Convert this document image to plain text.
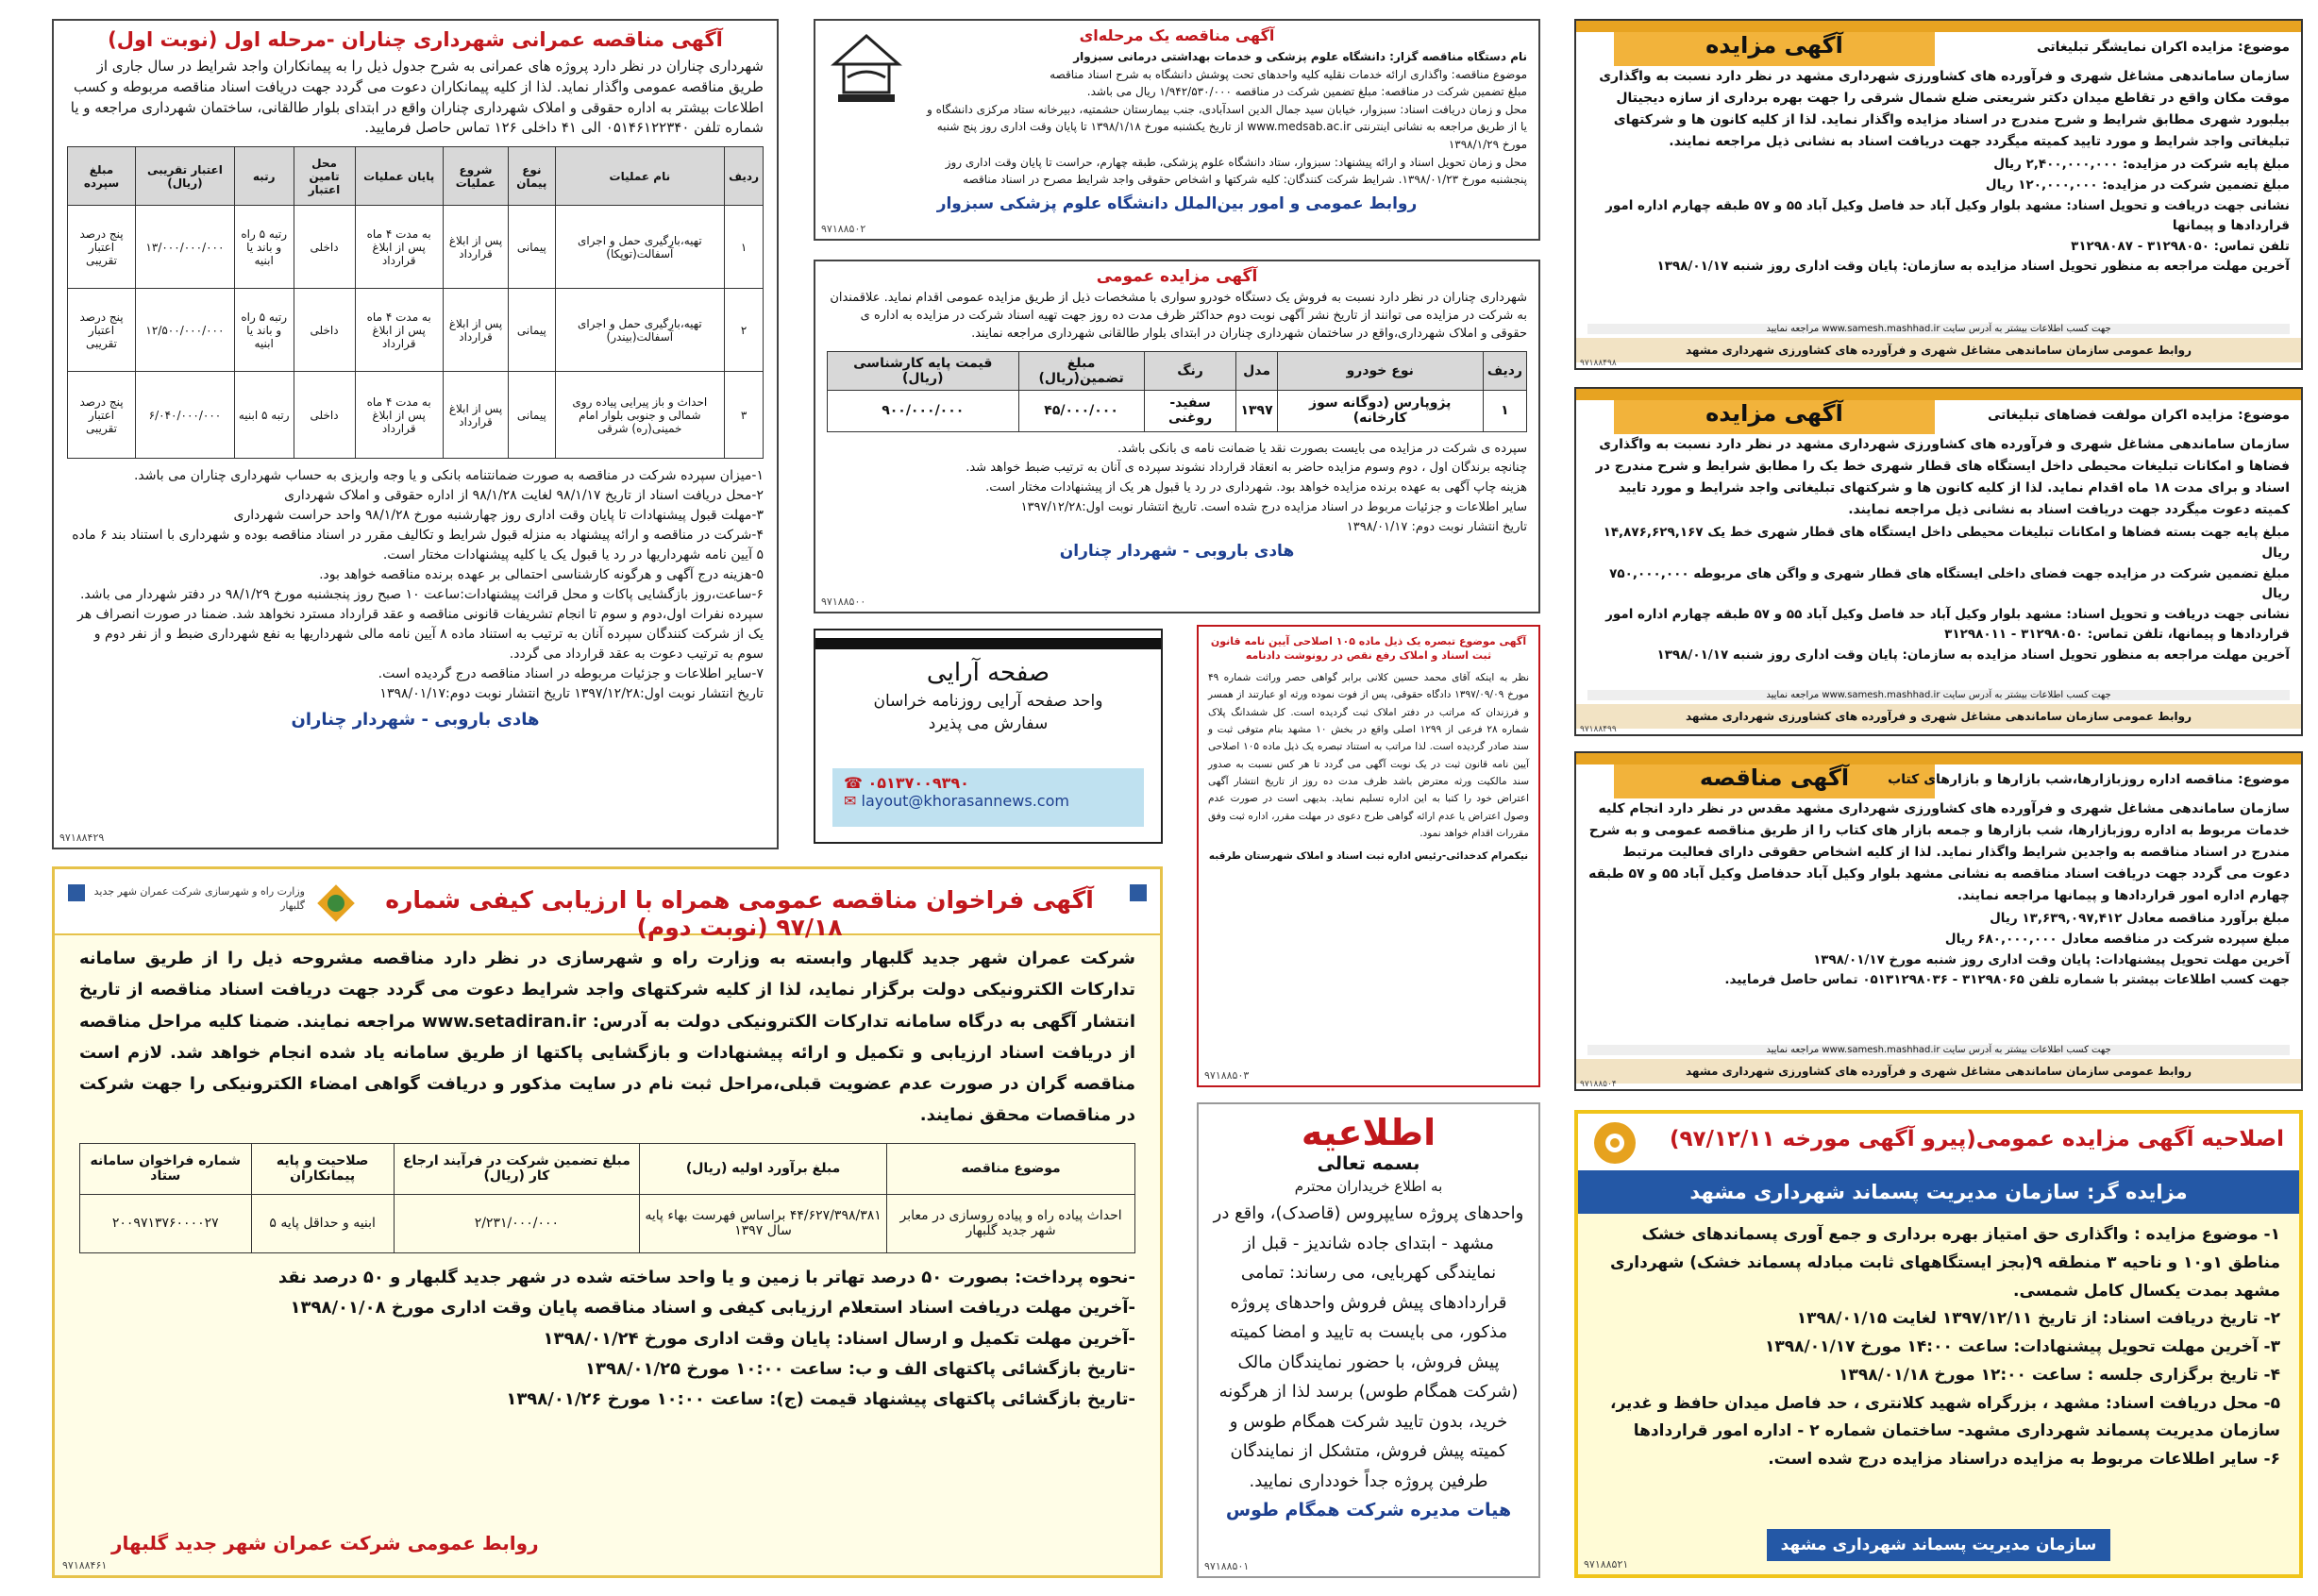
آگهی مناقصه عمرانی شهرداری چناران -مرحله اول (نوبت اول)

شهرداری چناران در نظر دارد پروژه های عمرانی به شرح جدول ذیل را به پیمانکاران واجد شرایط در سال جاری از طریق مناقصه عمومی واگذار نماید. لذا از کلیه پیمانکاران دعوت می گردد جهت دریافت اسناد مناقصه مربوطه و کسب اطلاعات بیشتر به اداره حقوقی و املاک شهرداری چناران واقع در ابتدای بلوار طالقانی، ساختمان شهرداری مراجعه و یا شماره تلفن ۰۵۱۴۶۱۲۲۳۴۰ الی ۴۱ داخلی ۱۲۶ تماس حاصل فرمایید.

ردیف	نام عملیات	نوع پیمان	شروع عملیات	پایان عملیات	محل تامین اعتبار	رتبه	اعتبار تقریبی (ریال)	مبلغ سپرده
۱	تهیه،بارگیری حمل و اجرای آسفالت(توپکا)	پیمانی	پس از ابلاغ قرارداد	به مدت ۴ ماه پس از ابلاغ قرارداد	داخلی	رتبه ۵ راه و باند یا ابنیه	۱۳/۰۰۰/۰۰۰/۰۰۰	پنج درصد اعتبار تقریبی
۲	تهیه،بارگیری حمل و اجرای آسفالت(بیندر)	پیمانی	پس از ابلاغ قرارداد	به مدت ۴ ماه پس از ابلاغ قرارداد	داخلی	رتبه ۵ راه و باند یا ابنیه	۱۲/۵۰۰/۰۰۰/۰۰۰	پنج درصد اعتبار تقریبی
۳	احداث و باز پیرایی پیاده روی شمالی و جنوبی بلوار امام خمینی(ره) شرقی	پیمانی	پس از ابلاغ قرارداد	به مدت ۴ ماه پس از ابلاغ قرارداد	داخلی	رتبه ۵ ابنیه	۶/۰۴۰/۰۰۰/۰۰۰	پنج درصد اعتبار تقریبی
۱-میزان سپرده شرکت در مناقصه به صورت ضمانتنامه بانکی و یا وجه واریزی به حساب شهرداری چناران می باشد.
۲-محل دریافت اسناد از تاریخ ۹۸/۱/۱۷ لغایت ۹۸/۱/۲۸ از اداره حقوقی و املاک شهرداری
۳-مهلت قبول پیشنهادات تا پایان وقت اداری روز چهارشنبه مورخ ۹۸/۱/۲۸ واحد حراست شهرداری
۴-شرکت در مناقصه و ارائه پیشنهاد به منزله قبول شرایط و تکالیف مقرر در اسناد مناقصه بوده و شهرداری با استناد بند ۶ ماده ۵ آیین نامه شهرداریها در رد یا قبول یک یا کلیه پیشنهادات مختار است.
۵-هزینه درج آگهی و هرگونه کارشناسی احتمالی بر عهده برنده مناقصه خواهد بود.
۶-ساعت،روز بازگشایی پاکات و محل قرائت پیشنهادات:ساعت ۱۰ صبح روز پنجشنبه مورخ ۹۸/۱/۲۹ در دفتر شهردار می باشد. سپرده نفرات اول،دوم و سوم تا انجام تشریفات قانونی مناقصه و عقد قرارداد مسترد نخواهد شد. ضمنا در صورت انصراف هر یک از شرکت کنندگان سپرده آنان به ترتیب به استناد ماده ۸ آیین نامه مالی شهرداریها به نفع شهرداری ضبط و از نفر دوم و سوم به ترتیب دعوت به عقد قرارداد می گردد.
۷-سایر اطلاعات و جزئیات مربوطه در اسناد مناقصه درج گردیده است.
تاریخ انتشار نوبت اول:۱۳۹۷/۱۲/۲۸ تاریخ انتشار نوبت دوم:۱۳۹۸/۰۱/۱۷
هادی باروبی - شهردار چناران
۹۷۱۸۸۴۲۹
آگهی مناقصه یک مرحله‌ای
نام دستگاه مناقصه گزار: دانشگاه علوم پزشکی و خدمات بهداشتی درمانی سبزوار
موضوع مناقصه: واگذاری ارائه خدمات نقلیه کلیه واحدهای تحت پوشش دانشگاه به شرح اسناد مناقصه
مبلغ تضمین شرکت در مناقصه: مبلغ تضمین شرکت در مناقصه ۱/۹۴۲/۵۳۰/۰۰۰ ریال می باشد.
محل و زمان دریافت اسناد: سبزوار، خیابان سید جمال الدین اسدآبادی، جنب بیمارستان حشمتیه، دبیرخانه ستاد مرکزی دانشگاه و یا از طریق مراجعه به نشانی اینترنتی www.medsab.ac.ir از تاریخ یکشنبه مورخ ۱۳۹۸/۱/۱۸ تا پایان وقت اداری روز پنج شنبه مورخ ۱۳۹۸/۱/۲۹
محل و زمان تحویل اسناد و ارائه پیشنهاد: سبزوار، ستاد دانشگاه علوم پزشکی، طبقه چهارم، حراست تا پایان وقت اداری روز پنجشنبه مورخ ۱۳۹۸/۰۱/۲۳. شرایط شرکت کنندگان: کلیه شرکتها و اشخاص حقوقی واجد شرایط مصرح در اسناد مناقصه
روابط عمومی و امور بین‌الملل دانشگاه علوم پزشکی سبزوار
۹۷۱۸۸۵۰۲
آگهی مزایده عمومی

شهرداری چناران در نظر دارد نسبت به فروش یک دستگاه خودرو سواری با مشخصات ذیل از طریق مزایده عمومی اقدام نماید. علاقمندان به شرکت در مزایده می توانند از تاریخ نشر آگهی نوبت دوم حداکثر ظرف مدت ده روز جهت تهیه اسناد شرکت در مزایده به اداره ی حقوقی و املاک شهرداری،واقع در ساختمان شهرداری چناران در ابتدای بلوار طالقانی شهرداری مراجعه نمایند.

ردیف	نوع خودرو	مدل	رنگ	مبلغ تضمین(ریال)	قیمت پایه کارشناسی (ریال)
۱	پژوپارس (دوگانه سوز کارخانه)	۱۳۹۷	سفید-روغنی	۴۵/۰۰۰/۰۰۰	۹۰۰/۰۰۰/۰۰۰
سپرده ی شرکت در مزایده می بایست بصورت نقد یا ضمانت نامه ی بانکی باشد.
چنانچه برندگان اول ، دوم وسوم مزایده حاضر به انعقاد قرارداد نشوند سپرده ی آنان به ترتیب ضبط خواهد شد.
هزینه چاپ آگهی به عهده برنده مزایده خواهد بود. شهرداری در رد یا قبول هر یک از پیشنهادات مختار است.
سایر اطلاعات و جزئیات مربوط در اسناد مزایده درج شده است. تاریخ انتشار نوبت اول:۱۳۹۷/۱۲/۲۸
تاریخ انتشار نوبت دوم: ۱۳۹۸/۰۱/۱۷
هادی باروبی - شهردار چناران
۹۷۱۸۸۵۰۰
صفحه آرایی
واحد صفحه آرایی روزنامه خراسان سفارش می پذیرد
☎ ۰۵۱۳۷۰۰۹۳۹۰
✉ layout@khorasannews.com
آگهی موضوع تبصره یک ذیل ماده ۱۰۵ اصلاحی آیین نامه قانون ثبت اسناد و املاک رفع نقص در رونوشت دادنامه

نظر به اینکه آقای محمد حسین کلانی برابر گواهی حصر وراثت شماره ۴۹ مورخ ۱۳۹۷/۰۹/۰۹ دادگاه حقوقی، پس از فوت نموده ورثه او عبارتند از همسر و فرزندان که مراتب در دفتر املاک ثبت گردیده است. کل ششدانگ پلاک شماره ۲۸ فرعی از ۱۲۹۹ اصلی واقع در بخش ۱۰ مشهد بنام متوفی ثبت و سند صادر گردیده است. لذا مراتب به استناد تبصره یک ذیل ماده ۱۰۵ اصلاحی آیین نامه قانون ثبت در یک نوبت آگهی می گردد تا هر کس نسبت به صدور سند مالکیت ورثه معترض باشد ظرف مدت ده روز از تاریخ انتشار آگهی اعتراض خود را کتبا به این اداره تسلیم نماید. بدیهی است در صورت عدم وصول اعتراض یا عدم ارائه گواهی طرح دعوی در مهلت مقرر، اداره ثبت وفق مقررات اقدام خواهد نمود.

نیکمرام کدخدائی-رئیس اداره ثبت اسناد و املاک شهرستان طرقبه
۹۷۱۸۸۵۰۳
آگهی فراخوان مناقصه عمومی همراه با ارزیابی کیفی شماره ۹۷/۱۸ (نوبت دوم)
وزارت راه و شهرسازی شرکت عمران شهر جدید گلبهار

شرکت عمران شهر جدید گلبهار وابسته به وزارت راه و شهرسازی در نظر دارد مناقصه مشروحه ذیل را از طریق سامانه تدارکات الکترونیکی دولت برگزار نماید، لذا از کلیه شرکتهای واجد شرایط دعوت می گردد جهت دریافت اسناد مناقصه از تاریخ انتشار آگهی به درگاه سامانه تدارکات الکترونیکی دولت به آدرس: www.setadiran.ir مراجعه نمایند. ضمنا کلیه مراحل مناقصه از دریافت اسناد ارزیابی و تکمیل و ارائه پیشنهادات و بازگشایی پاکتها از طریق سامانه یاد شده انجام خواهد شد. لازم است مناقصه گران در صورت عدم عضویت قبلی،مراحل ثبت نام در سایت مذکور و دریافت گواهی امضاء الکترونیکی را جهت شرکت در مناقصات محقق نمایند.

موضوع مناقصه	مبلغ برآورد اولیه (ریال)	مبلغ تضمین شرکت در فرآیند ارجاع کار (ریال)	صلاحیت و پایه پیمانکاران	شماره فراخوان سامانه ستاد
احداث پیاده راه و پیاده روسازی در معابر شهر جدید گلبهار	۴۴/۶۲۷/۳۹۸/۳۸۱ براساس فهرست بهاء پایه سال ۱۳۹۷	۲/۲۳۱/۰۰۰/۰۰۰	ابنیه و حداقل پایه ۵	۲۰۰۹۷۱۳۷۶۰۰۰۰۲۷
-نحوه پرداخت: بصورت ۵۰ درصد تهاتر با زمین و یا واحد ساخته شده در شهر جدید گلبهار و ۵۰ درصد نقد
-آخرین مهلت دریافت اسناد استعلام ارزیابی کیفی و اسناد مناقصه پایان وقت اداری مورخ ۱۳۹۸/۰۱/۰۸
-آخرین مهلت تکمیل و ارسال اسناد: پایان وقت اداری مورخ ۱۳۹۸/۰۱/۲۴
-تاریخ بازگشائی پاکتهای الف و ب: ساعت ۱۰:۰۰ مورخ ۱۳۹۸/۰۱/۲۵
-تاریخ بازگشائی پاکتهای پیشنهاد قیمت (ج): ساعت ۱۰:۰۰ مورخ ۱۳۹۸/۰۱/۲۶
روابط عمومی شرکت عمران شهر جدید گلبهار
۹۷۱۸۸۴۶۱
اطلاعیه
بسمه تعالی
به اطلاع خریداران محترم

واحدهای پروژه سایپروس (قاصدک)، واقع در مشهد - ابتدای جاده شاندیز - قبل از نمایندگی کهربایی، می رساند: تمامی قراردادهای پیش فروش واحدهای پروژه مذکور، می بایست به تایید و امضا کمیته پیش فروش، با حضور نمایندگان مالک (شرکت همگام طوس) برسد لذا از هرگونه خرید، بدون تایید شرکت همگام طوس و کمیته پیش فروش، متشکل از نمایندگان طرفین پروژه جداً خودداری نمایید.

هیات مدیره شرکت همگام طوس
۹۷۱۸۸۵۰۱
آگهی مزایده	موضوع: مزایده اکران نمایشگر تبلیغاتی

سازمان ساماندهی مشاغل شهری و فرآورده های کشاورزی شهرداری مشهد در نظر دارد نسبت به واگذاری موقت مکان واقع در تقاطع میدان دکتر شریعتی ضلع شمال شرقی را جهت بهره برداری از سازه دیجیتال بیلبورد شهری مطابق شرایط و شرح مندرج در اسناد مزایده واگذار نماید. لذا از کلیه کانون ها و شرکتهای تبلیغاتی واجد شرایط و مورد تایید کمیته میگردد جهت دریافت اسناد به نشانی ذیل مراجعه نمایند.

مبلغ پایه شرکت در مزایده: ۲,۴۰۰,۰۰۰,۰۰۰ ریال
مبلغ تضمین شرکت در مزایده: ۱۲۰,۰۰۰,۰۰۰ ریال
نشانی جهت دریافت و تحویل اسناد: مشهد بلوار وکیل آباد حد فاصل وکیل آباد ۵۵ و ۵۷ طبقه چهارم اداره امور قراردادها و پیمانها
تلفن تماس: ۳۱۲۹۸۰۵۰ - ۳۱۲۹۸۰۸۷
آخرین مهلت مراجعه به منظور تحویل اسناد مزایده به سازمان: پایان وقت اداری روز شنبه ۱۳۹۸/۰۱/۱۷
جهت کسب اطلاعات بیشتر به آدرس سایت www.samesh.mashhad.ir مراجعه نمایید
روابط عمومی سازمان ساماندهی مشاغل شهری و فرآورده های کشاورزی شهرداری مشهد
۹۷۱۸۸۴۹۸
آگهی مزایده	موضوع: مزایده اکران مولفت فضاهای تبلیغاتی

سازمان ساماندهی مشاغل شهری و فرآورده های کشاورزی شهرداری مشهد در نظر دارد نسبت به واگذاری فضاها و امکانات تبلیغات محیطی داخل ایستگاه های قطار شهری خط یک را مطابق شرایط و شرح مندرج در اسناد و برای مدت ۱۸ ماه اقدام نماید. لذا از کلیه کانون ها و شرکتهای تبلیغاتی واجد شرایط و مورد تایید کمیته دعوت میگردد جهت دریافت اسناد به نشانی ذیل مراجعه نمایند.

مبلغ پایه جهت بسته فضاها و امکانات تبلیغات محیطی داخل ایستگاه های قطار شهری خط یک ۱۴,۸۷۶,۶۲۹,۱۶۷ ریال
مبلغ تضمین شرکت در مزایده جهت فضای داخلی ایستگاه های قطار شهری و واگن های مربوطه ۷۵۰,۰۰۰,۰۰۰ ریال
نشانی جهت دریافت و تحویل اسناد: مشهد بلوار وکیل آباد حد فاصل وکیل آباد ۵۵ و ۵۷ طبقه چهارم اداره امور قراردادها و پیمانها، تلفن تماس: ۳۱۲۹۸۰۵۰ - ۳۱۲۹۸۰۱۱
آخرین مهلت مراجعه به منظور تحویل اسناد مزایده به سازمان: پایان وقت اداری روز شنبه ۱۳۹۸/۰۱/۱۷
جهت کسب اطلاعات بیشتر به آدرس سایت www.samesh.mashhad.ir مراجعه نمایید
روابط عمومی سازمان ساماندهی مشاغل شهری و فرآورده های کشاورزی شهرداری مشهد
۹۷۱۸۸۴۹۹
آگهی مناقصه	موضوع: مناقصه اداره روزبازارها،شب بازارها و بازارهای کتاب

سازمان ساماندهی مشاغل شهری و فرآورده های کشاورزی شهرداری مشهد مقدس در نظر دارد انجام کلیه خدمات مربوط به اداره روزبازارها، شب بازارها و جمعه بازار های کتاب را از طریق مناقصه عمومی و به شرح مندرج در اسناد مناقصه به واجدین شرایط واگذار نماید. لذا از کلیه اشخاص حقوقی دارای فعالیت مرتبط دعوت می گردد جهت دریافت اسناد مناقصه به نشانی مشهد بلوار وکیل آباد حدفاصل وکیل آباد ۵۵ و ۵۷ طبقه چهارم اداره امور قراردادها و پیمانها مراجعه نمایند.

مبلغ برآورد مناقصه معادل ۱۳,۶۳۹,۰۹۷,۴۱۲ ریال
مبلغ سپرده شرکت در مناقصه معادل ۶۸۰,۰۰۰,۰۰۰ ریال
آخرین مهلت تحویل پیشنهادات: پایان وقت اداری روز شنبه مورخ ۱۳۹۸/۰۱/۱۷
جهت کسب اطلاعات بیشتر با شماره تلفن ۳۱۲۹۸۰۶۵ - ۰۵۱۳۱۲۹۸۰۳۶ تماس حاصل فرمایید.
جهت کسب اطلاعات بیشتر به آدرس سایت www.samesh.mashhad.ir مراجعه نمایید
روابط عمومی سازمان ساماندهی مشاغل شهری و فرآورده های کشاورزی شهرداری مشهد
۹۷۱۸۸۵۰۴
اصلاحیه آگهی مزایده عمومی(پیرو آگهی مورخه ۹۷/۱۲/۱۱)
مزایده گر: سازمان مدیریت پسماند شهرداری مشهد
۱- موضوع مزایده : واگذاری حق امتیاز بهره برداری و جمع آوری پسماندهای خشک مناطق ۱و۱۰ و ناحیه ۳ منطقه ۹(بجز ایستگاههای ثابت مبادله پسماند خشک) شهرداری مشهد بمدت یکسال کامل شمسی.
۲- تاریخ دریافت اسناد: از تاریخ ۱۳۹۷/۱۲/۱۱ لغایت ۱۳۹۸/۰۱/۱۵
۳- آخرین مهلت تحویل پیشنهادات: ساعت ۱۴:۰۰ مورخ ۱۳۹۸/۰۱/۱۷
۴- تاریخ برگزاری جلسه : ساعت ۱۲:۰۰ مورخ ۱۳۹۸/۰۱/۱۸
۵- محل دریافت اسناد: مشهد ، بزرگراه شهید کلانتری ، حد فاصل میدان حافظ و غدیر، سازمان مدیریت پسماند شهرداری مشهد- ساختمان شماره ۲ - اداره امور قراردادها
۶- سایر اطلاعات مربوط به مزایده دراسناد مزایده درج شده است.
سازمان مدیریت پسماند شهرداری مشهد
۹۷۱۸۸۵۲۱
